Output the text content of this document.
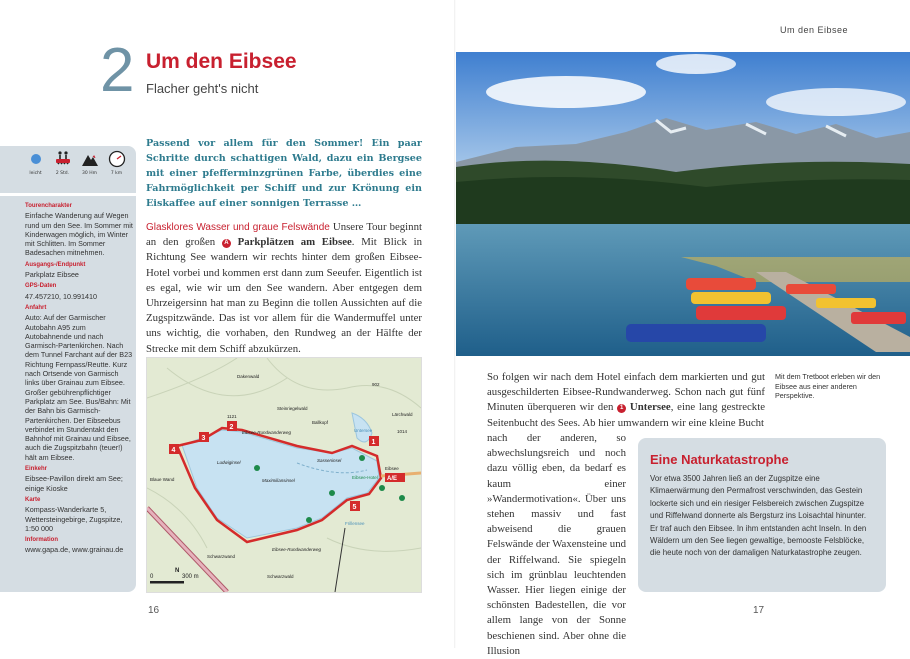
2 Um den Eibsee
Flacher geht's nicht
leicht	2 Std.	30 Hm	7 km
Tourencharakter
Einfache Wanderung auf Wegen rund um den See. Im Sommer mit Kinderwagen möglich, im Winter mit Schlitten. Im Sommer Badesachen mitnehmen.
Ausgangs-/Endpunkt
Parkplatz Eibsee
GPS-Daten
47.457210, 10.991410
Anfahrt
Auto: Auf der Garmischer Autobahn A95 zum Autobahnende und nach Garmisch-Partenkirchen. Nach dem Tunnel Farchant auf der B23 Richtung Fernpass/Reutte. Kurz nach Ortsende von Garmisch links über Grainau zum Eibsee. Großer gebührenpflichtiger Parkplatz am See. Bus/Bahn: Mit der Bahn bis Garmisch-Partenkirchen. Der Eibseebus verbindet im Stundentakt den Bahnhof mit Grainau und Eibsee, auch die Zugspitzbahn (teuer!) hält am Eibsee.
Einkehr
Eibsee-Pavillon direkt am See; einige Kioske
Karte
Kompass-Wanderkarte 5, Wettersteingebirge, Zugspitze, 1:50 000
Information
www.gapa.de, www.grainau.de
Passend vor allem für den Sommer! Ein paar Schritte durch schattigen Wald, dazu ein Bergsee mit einer pfefferminzgrünen Farbe, überdies eine Fahrmöglichkeit per Schiff und zur Krönung ein Eiskaffee auf einer sonnigen Terrasse …
Glasklores Wasser und graue Felswände Unsere Tour beginnt an den großen A Parkplätzen am Eibsee. Mit Blick in Richtung See wandern wir rechts hinter dem großen Eibsee-Hotel vorbei und kommen erst dann zum Seeufer. Eigentlich ist es egal, wie wir um den See wandern. Aber entgegen dem Uhrzeigersinn hat man zu Beginn die tollen Aussichten auf die Zugspitzwände. Das ist vor allem für die Wandermuffel unter uns wichtig, die vorhaben, den Rundweg an der Hälfte der Strecke mit dem Schiff abzukürzen.
Dakenwald
Steinriegelwald
Ballkopf
Untersee
Lärchwald
Eibsee-Rundwanderweg
Ludwiginsel
Maximiliansinsel
Sasseninsel
Eibsee
Eibsee-Hotel
Blaue Wand
Schwarzwand
Frillensee
Eibsee-Rundwanderweg
Schwarzwald
902
1014
1121
1
2
3
4
5
A/E
0
N
300 m
16
Um den Eibsee
So folgen wir nach dem Hotel einfach dem markierten und gut ausgeschilderten Eibsee-Rundwanderweg. Schon nach gut fünf Minuten überqueren wir den 1 Untersee, eine lang gestreckte Seitenbucht des Sees. Ab hier umwandern wir eine kleine Bucht
nach der anderen, so abwechslungsreich und noch dazu völlig eben, da bedarf es kaum einer »Wandermotivation«. Über uns stehen massiv und fast abweisend die grauen Felswände der Waxensteine und der Riffelwand. Sie spiegeln sich im grünblau leuchtenden Wasser. Hier liegen einige der schönsten Badestellen, die vor allem lange von der Sonne beschienen sind. Aber ohne die Illusion
Mit dem Tretboot erleben wir den Eibsee aus einer anderen Perspektive.
Eine Naturkatastrophe

Vor etwa 3500 Jahren ließ an der Zugspitze eine Klimaerwärmung den Permafrost verschwinden, das Gestein lockerte sich und ein riesiger Felsbereich zwischen Zugspitze und Riffelwand donnerte als Bergsturz ins Loisachtal hinunter. Er traf auch den Eibsee. In ihm entstanden acht Inseln. In den Wäldern um den See liegen gewaltige, bemooste Felsblöcke, die heute noch von der damaligen Naturkatastrophe zeugen.

17
